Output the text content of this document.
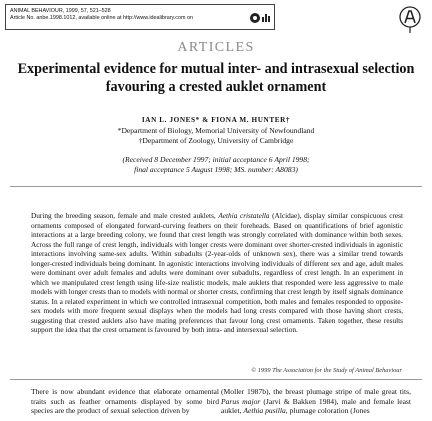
ANIMAL BEHAVIOUR, 1999, 57, 521–528
Article No. anbe.1998.1012, available online at http://www.idealibrary.com on
ARTICLES
Experimental evidence for mutual inter- and intrasexual selection
favouring a crested auklet ornament
IAN L. JONES* & FIONA M. HUNTER†
*Department of Biology, Memorial University of Newfoundland
†Department of Zoology, University of Cambridge
(Received 8 December 1997; initial acceptance 6 April 1998;
final acceptance 5 August 1998; MS. number: A8083)
During the breeding season, female and male crested auklets, Aethia cristatella (Alcidae), display similar conspicuous crest ornaments composed of elongated forward-curving feathers on their foreheads. Based on quantifications of brief agonistic interactions at a large breeding colony, we found that crest length was strongly correlated with dominance within both sexes. Across the full range of crest length, individuals with longer crests were dominant over shorter-crested individuals in agonistic interactions involving same-sex adults. Within subadults (2-year-olds of unknown sex), there was a similar trend towards longer-crested individuals being dominant. In agonistic interactions involving individuals of different sex and age, adult males were dominant over adult females and adults were dominant over subadults, regardless of crest length. In an experiment in which we manipulated crest length using life-size realistic models, male auklets that responded were less aggressive to male models with longer crests than to models with normal or shorter crests, confirming that crest length by itself signals dominance status. In a related experiment in which we controlled intrasexual competition, both males and females responded to opposite-sex models with more frequent sexual displays when the models had long crests compared with those having short crests, suggesting that crested auklets also have mating preferences that favour long crest ornaments. Taken together, these results support the idea that the crest ornament is favoured by both intra- and intersexual selection.
© 1999 The Association for the Study of Animal Behaviour
There is now abundant evidence that elaborate ornamental traits such as feather ornaments displayed by some bird species are the product of sexual selection driven by
(Moller 1987b), the breast plumage stripe of male great tits, Parus major (Jarvi & Bakken 1984), male and female least auklet, Aethia pusilla, plumage coloration (Jones
